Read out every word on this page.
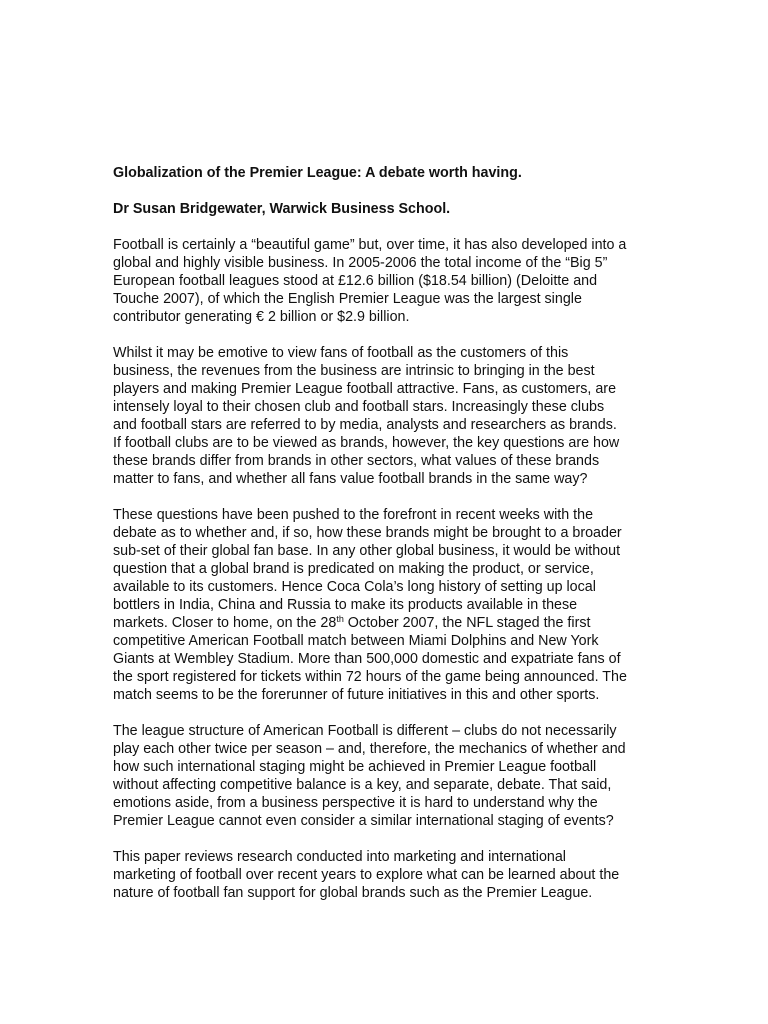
Globalization of the Premier League: A debate worth having.

Dr Susan Bridgewater, Warwick Business School.

Football is certainly a “beautiful game” but, over time, it has also developed into a
global and highly visible business. In 2005-2006 the total income of the “Big 5”
European football leagues stood at £12.6 billion ($18.54 billion) (Deloitte and
Touche 2007), of which the English Premier League was the largest single
contributor generating € 2 billion or $2.9 billion.

Whilst it may be emotive to view fans of football as the customers of this
business, the revenues from the business are intrinsic to bringing in the best
players and making Premier League football attractive. Fans, as customers, are
intensely loyal to their chosen club and football stars. Increasingly these clubs
and football stars are referred to by media, analysts and researchers as brands.
If football clubs are to be viewed as brands, however, the key questions are how
these brands differ from brands in other sectors, what values of these brands
matter to fans, and whether all fans value football brands in the same way?

These questions have been pushed to the forefront in recent weeks with the
debate as to whether and, if so, how these brands might be brought to a broader
sub-set of their global fan base. In any other global business, it would be without
question that a global brand is predicated on making the product, or service,
available to its customers. Hence Coca Cola’s long history of setting up local
bottlers in India, China and Russia to make its products available in these
markets. Closer to home, on the 28th October 2007, the NFL staged the first
competitive American Football match between Miami Dolphins and New York
Giants at Wembley Stadium. More than 500,000 domestic and expatriate fans of
the sport registered for tickets within 72 hours of the game being announced. The
match seems to be the forerunner of future initiatives in this and other sports.

The league structure of American Football is different – clubs do not necessarily
play each other twice per season – and, therefore, the mechanics of whether and
how such international staging might be achieved in Premier League football
without affecting competitive balance is a key, and separate, debate. That said,
emotions aside, from a business perspective it is hard to understand why the
Premier League cannot even consider a similar international staging of events?

This paper reviews research conducted into marketing and international
marketing of football over recent years to explore what can be learned about the
nature of football fan support for global brands such as the Premier League.
